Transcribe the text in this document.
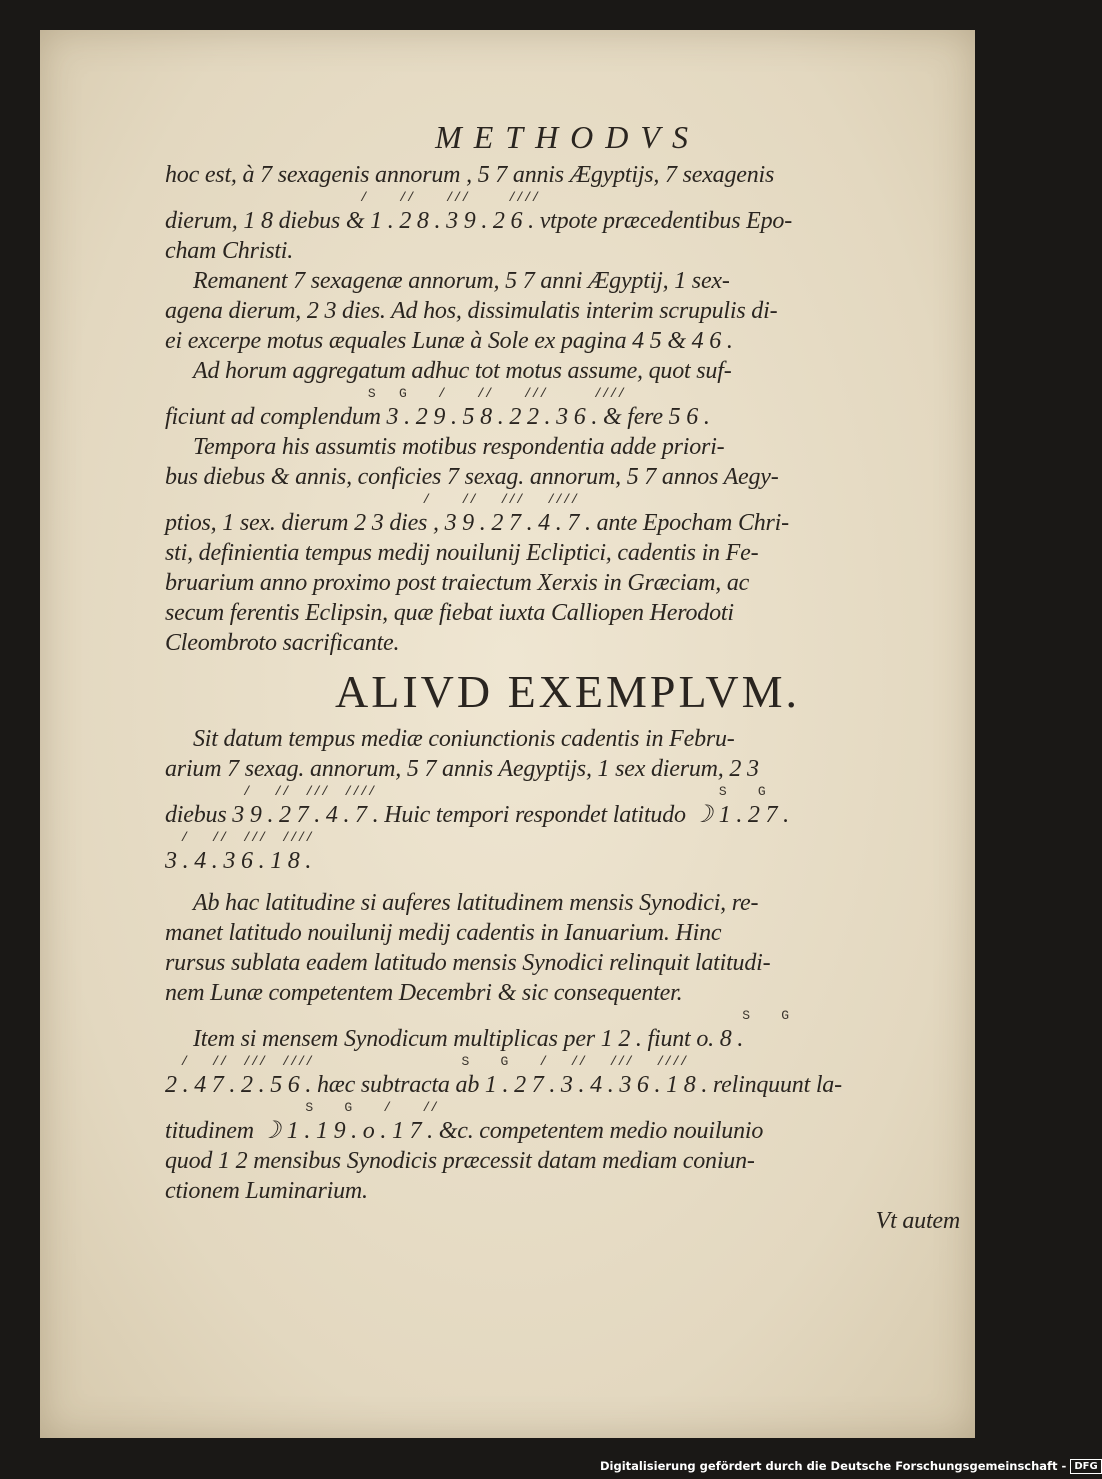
METHODVS
hoc est, à 7 sexagenis annorum , 5 7 annis Ægyptijs, 7 sexagenis
/    //    ///     ////
dierum, 1 8 diebus & 1 . 2 8 . 3 9 . 2 6 . vtpote præcedentibus Epo-
cham Christi.
Remanent 7 sexagenæ annorum, 5 7 anni Ægyptij, 1 sex-
agena dierum, 2 3 dies. Ad hos, dissimulatis interim scrupulis di-
ei excerpe motus æquales Lunæ à Sole ex pagina 4 5 & 4 6 .
Ad horum aggregatum adhuc tot motus assume, quot suf-
S   G    /    //    ///      ////
ficiunt ad complendum 3 . 2 9 . 5 8 . 2 2 . 3 6 . & fere 5 6 .
Tempora his assumtis motibus respondentia adde priori-
bus diebus & annis, conficies 7 sexag. annorum, 5 7 annos Aegy-
/    //   ///   ////
ptios, 1 sex. dierum 2 3 dies , 3 9 . 2 7 . 4 . 7 . ante Epocham Chri-
sti, definientia tempus medij nouilunij Ecliptici, cadentis in Fe-
bruarium anno proximo post traiectum Xerxis in Græciam, ac
secum ferentis Eclipsin, quæ fiebat iuxta Calliopen Herodoti
Cleombroto sacrificante.
ALIVD EXEMPLVM.
Sit datum tempus mediæ coniunctionis cadentis in Febru-
arium 7 sexag. annorum, 5 7 annis Aegyptijs, 1 sex dierum, 2 3
/   //  ///  ////                                            S    G
diebus 3 9 . 2 7 . 4 . 7 . Huic tempori respondet latitudo ☽ 1 . 2 7 .
/   //  ///  ////
3 . 4 . 3 6 . 1 8 .
Ab hac latitudine si auferes latitudinem mensis Synodici, re-
manet latitudo nouilunij medij cadentis in Ianuarium. Hinc
rursus sublata eadem latitudo mensis Synodici relinquit latitudi-
nem Lunæ competentem Decembri & sic consequenter.
S    G
Item si mensem Synodicum multiplicas per 1 2 . fiunt o. 8 .
/   //  ///  ////                   S    G    /   //   ///   ////
2 . 4 7 . 2 . 5 6 . hæc subtracta ab 1 . 2 7 . 3 . 4 . 3 6 . 1 8 . relinquunt la-
S    G    /    //
titudinem ☽ 1 . 1 9 . o . 1 7 . &c. competentem medio nouilunio
quod 1 2 mensibus Synodicis præcessit datam mediam coniun-
ctionem Luminarium.
Vt autem
Digitalisierung gefördert durch die Deutsche Forschungsgemeinschaft - DFG
